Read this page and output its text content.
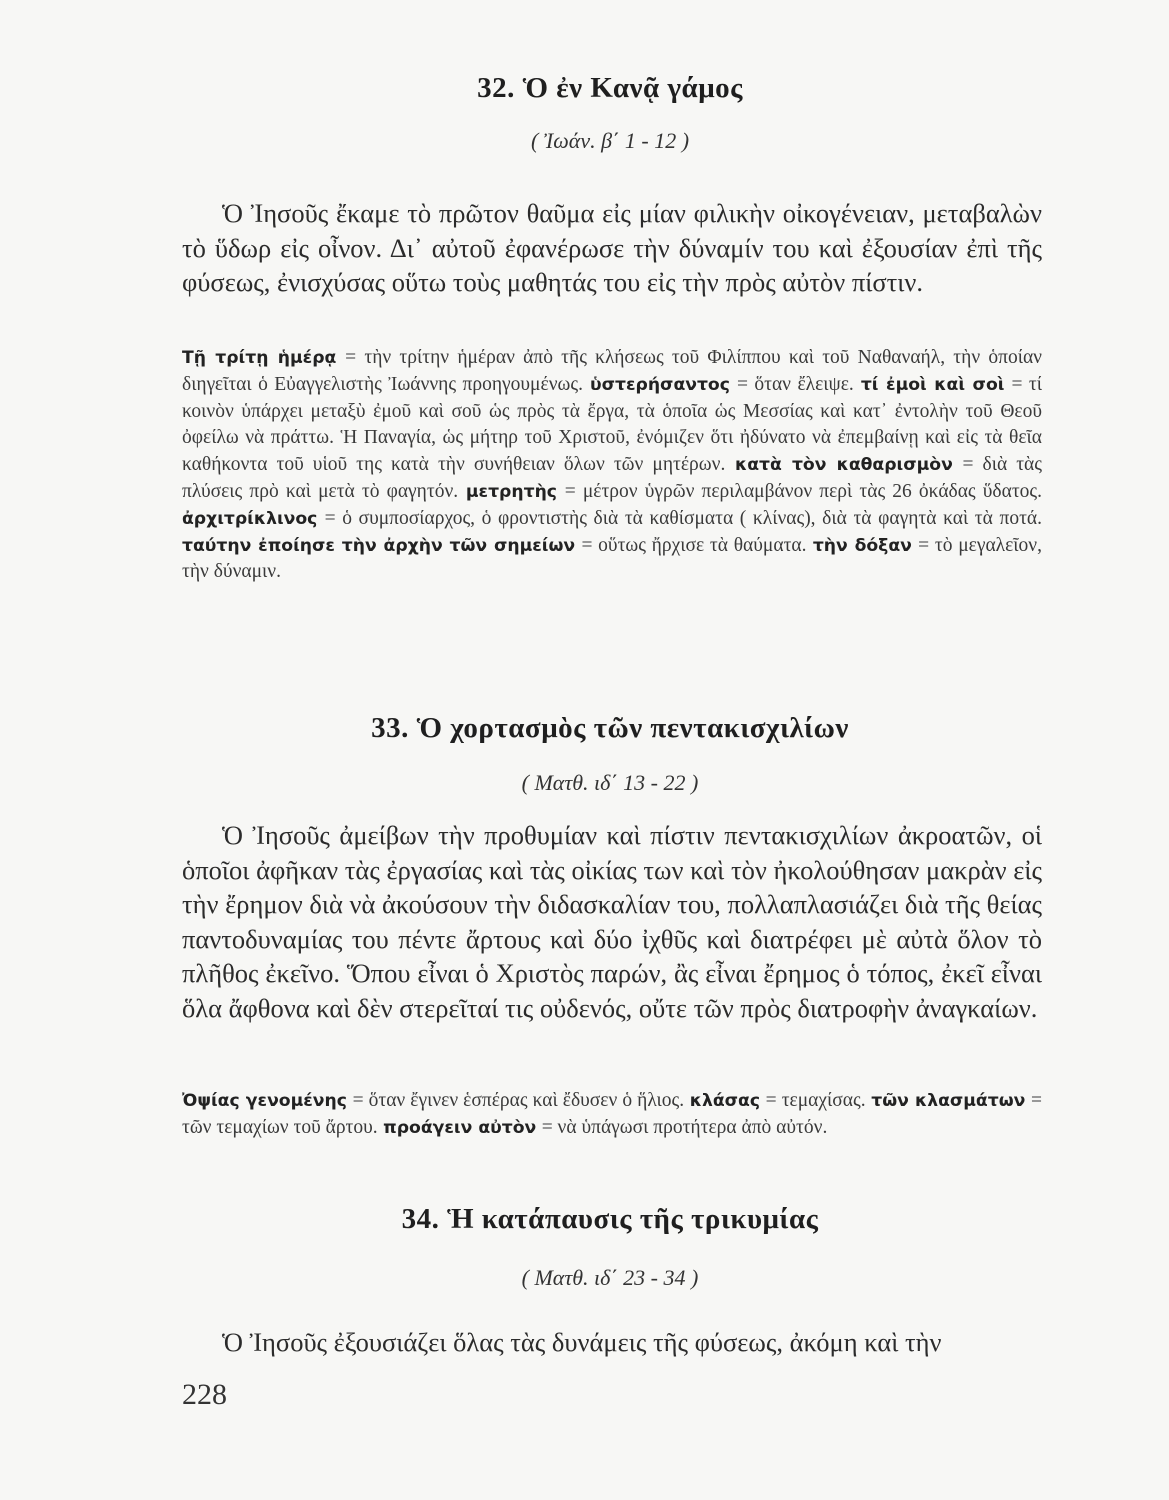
32. Ὁ ἐν Κανᾷ γάμος
( Ἰωάν. β΄ 1 - 12 )
Ὁ Ἰησοῦς ἔκαμε τὸ πρῶτον θαῦμα εἰς μίαν φιλικὴν οἰκογένειαν, μεταβαλὼν τὸ ὕδωρ εἰς οἶνον. Δι᾿ αὐτοῦ ἐφανέρωσε τὴν δύναμίν του καὶ ἐξουσίαν ἐπὶ τῆς φύσεως, ἐνισχύσας οὕτω τοὺς μαθητάς του εἰς τὴν πρὸς αὐτὸν πίστιν.
Τῇ τρίτῃ ἡμέρᾳ = τὴν τρίτην ἡμέραν ἀπὸ τῆς κλήσεως τοῦ Φιλίππου καὶ τοῦ Ναθαναήλ, τὴν ὁποίαν διηγεῖται ὁ Εὐαγγελιστὴς Ἰωάννης προηγουμένως. ὑστερήσαντος = ὅταν ἔλειψε. τί ἐμοὶ καὶ σοὶ = τί κοινὸν ὑπάρχει μεταξὺ ἐμοῦ καὶ σοῦ ὡς πρὸς τὰ ἔργα, τὰ ὁποῖα ὡς Μεσσίας καὶ κατ᾿ ἐντολὴν τοῦ Θεοῦ ὀφείλω νὰ πράττω. Ἡ Παναγία, ὡς μήτηρ τοῦ Χριστοῦ, ἐνόμιζεν ὅτι ἠδύνατο νὰ ἐπεμβαίνῃ καὶ εἰς τὰ θεῖα καθήκοντα τοῦ υἱοῦ της κατὰ τὴν συνήθειαν ὅλων τῶν μητέρων. κατὰ τὸν καθαρισμὸν = διὰ τὰς πλύσεις πρὸ καὶ μετὰ τὸ φαγητόν. μετρητὴς = μέτρον ὑγρῶν περιλαμβάνον περὶ τὰς 26 ὀκάδας ὕδατος. ἀρχιτρίκλινος = ὁ συμποσίαρχος, ὁ φροντιστὴς διὰ τὰ καθίσματα ( κλίνας), διὰ τὰ φαγητὰ καὶ τὰ ποτά. ταύτην ἐποίησε τὴν ἀρχὴν τῶν σημείων = οὕτως ἤρχισε τὰ θαύματα. τὴν δόξαν = τὸ μεγαλεῖον, τὴν δύναμιν.
33. Ὁ χορτασμὸς τῶν πεντακισχιλίων
( Ματθ. ιδ΄ 13 - 22 )
Ὁ Ἰησοῦς ἀμείβων τὴν προθυμίαν καὶ πίστιν πεντακισχιλίων ἀκροατῶν, οἱ ὁποῖοι ἀφῆκαν τὰς ἐργασίας καὶ τὰς οἰκίας των καὶ τὸν ἠκολούθησαν μακρὰν εἰς τὴν ἔρημον διὰ νὰ ἀκούσουν τὴν διδασκαλίαν του, πολλαπλασιάζει διὰ τῆς θείας παντοδυναμίας του πέντε ἄρτους καὶ δύο ἰχθῦς καὶ διατρέφει μὲ αὐτὰ ὅλον τὸ πλῆθος ἐκεῖνο. Ὅπου εἶναι ὁ Χριστὸς παρών, ἂς εἶναι ἔρημος ὁ τόπος, ἐκεῖ εἶναι ὅλα ἄφθονα καὶ δὲν στερεῖταί τις οὐδενός, οὔτε τῶν πρὸς διατροφὴν ἀναγκαίων.
Ὀψίας γενομένης = ὅταν ἔγινεν ἑσπέρας καὶ ἔδυσεν ὁ ἥλιος. κλάσας = τεμαχίσας. τῶν κλασμάτων = τῶν τεμαχίων τοῦ ἄρτου. προάγειν αὐτὸν = νὰ ὑπάγωσι προτήτερα ἀπὸ αὐτόν.
34. Ἡ κατάπαυσις τῆς τρικυμίας
( Ματθ. ιδ΄ 23 - 34 )
Ὁ Ἰησοῦς ἐξουσιάζει ὅλας τὰς δυνάμεις τῆς φύσεως, ἀκόμη καὶ τὴν
228
